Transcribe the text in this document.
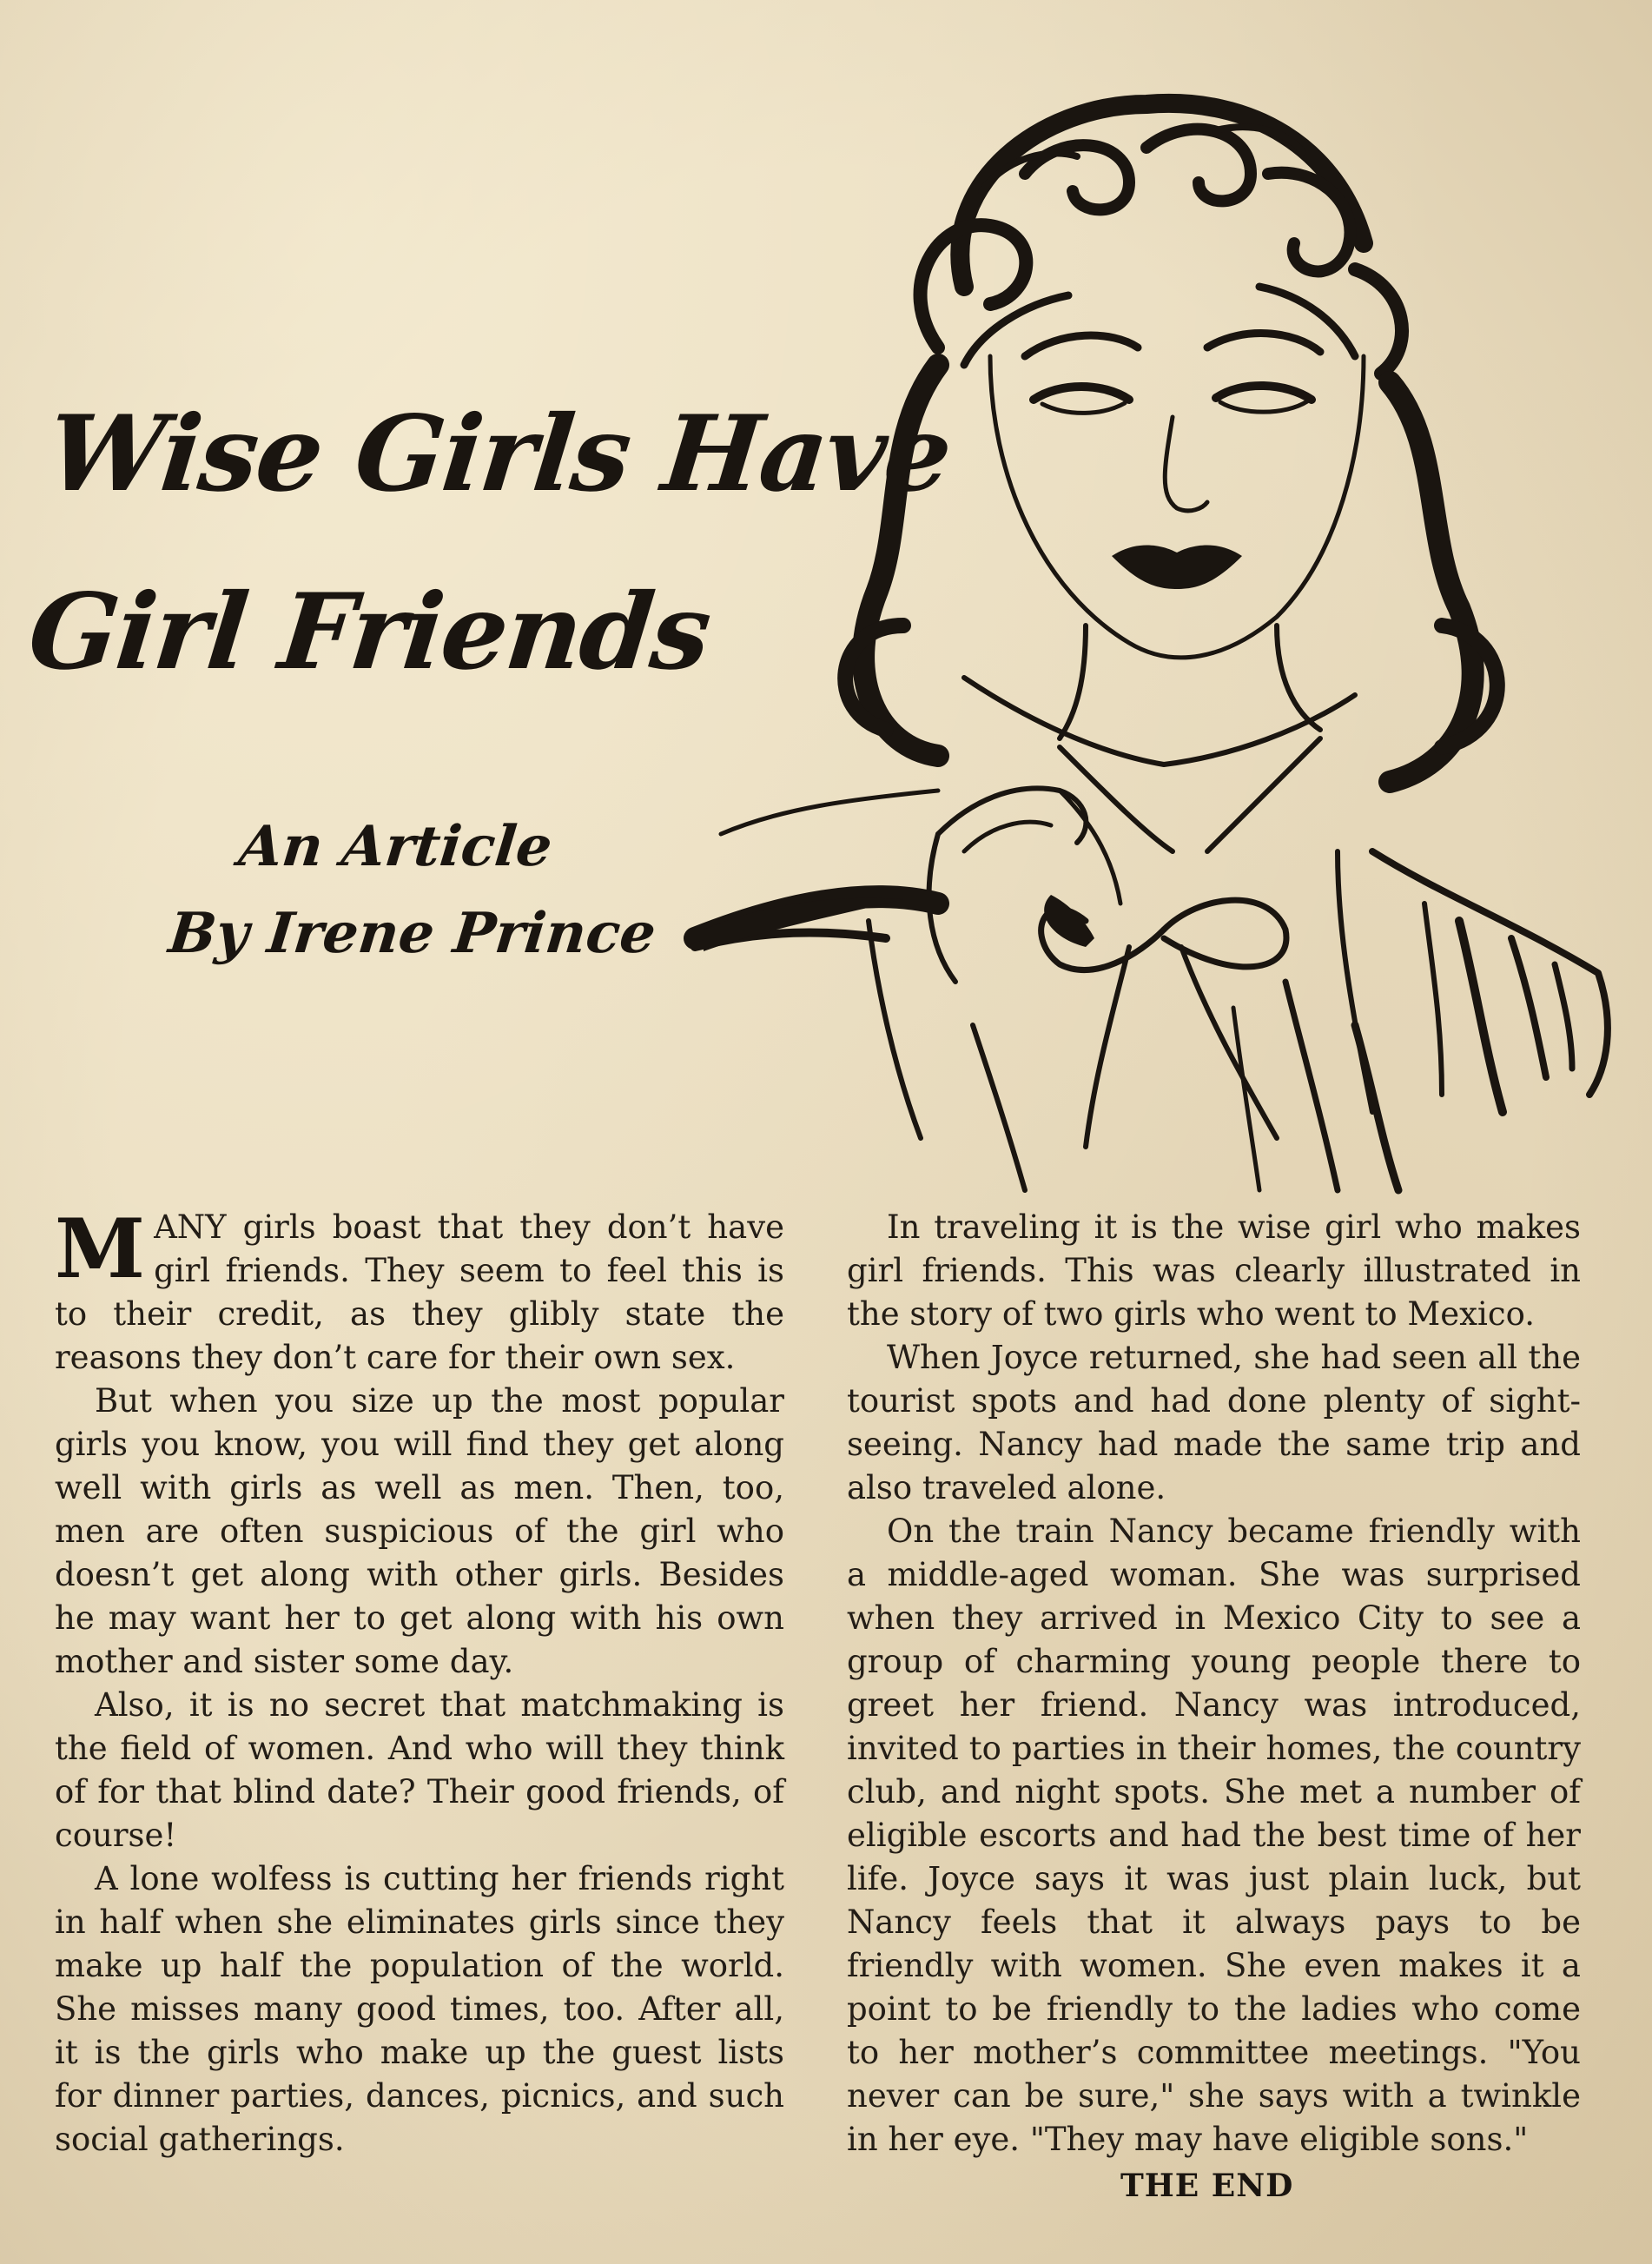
Wise Girls Have
Girl Friends
An Article
By Irene Prince

MANY girls boast that they don’t have girl friends. They seem to feel this is to their credit, as they glibly state the reasons they don’t care for their own sex.

But when you size up the most popular girls you know, you will find they get along well with girls as well as men. Then, too, men are often suspicious of the girl who doesn’t get along with other girls. Besides he may want her to get along with his own mother and sister some day.

Also, it is no secret that matchmaking is the field of women. And who will they think of for that blind date? Their good friends, of course!

A lone wolfess is cutting her friends right in half when she eliminates girls since they make up half the population of the world. She misses many good times, too. After all, it is the girls who make up the guest lists for dinner parties, dances, picnics, and such social gatherings.

In traveling it is the wise girl who makes girl friends. This was clearly illustrated in the story of two girls who went to Mexico.

When Joyce returned, she had seen all the tourist spots and had done plenty of sight-seeing. Nancy had made the same trip and also traveled alone.

On the train Nancy became friendly with a middle-aged woman. She was surprised when they arrived in Mexico City to see a group of charming young people there to greet her friend. Nancy was introduced, invited to parties in their homes, the country club, and night spots. She met a number of eligible escorts and had the best time of her life. Joyce says it was just plain luck, but Nancy feels that it always pays to be friendly with women. She even makes it a point to be friendly to the ladies who come to her mother’s committee meetings. "You never can be sure," she says with a twinkle in her eye. "They may have eligible sons."

THE END
